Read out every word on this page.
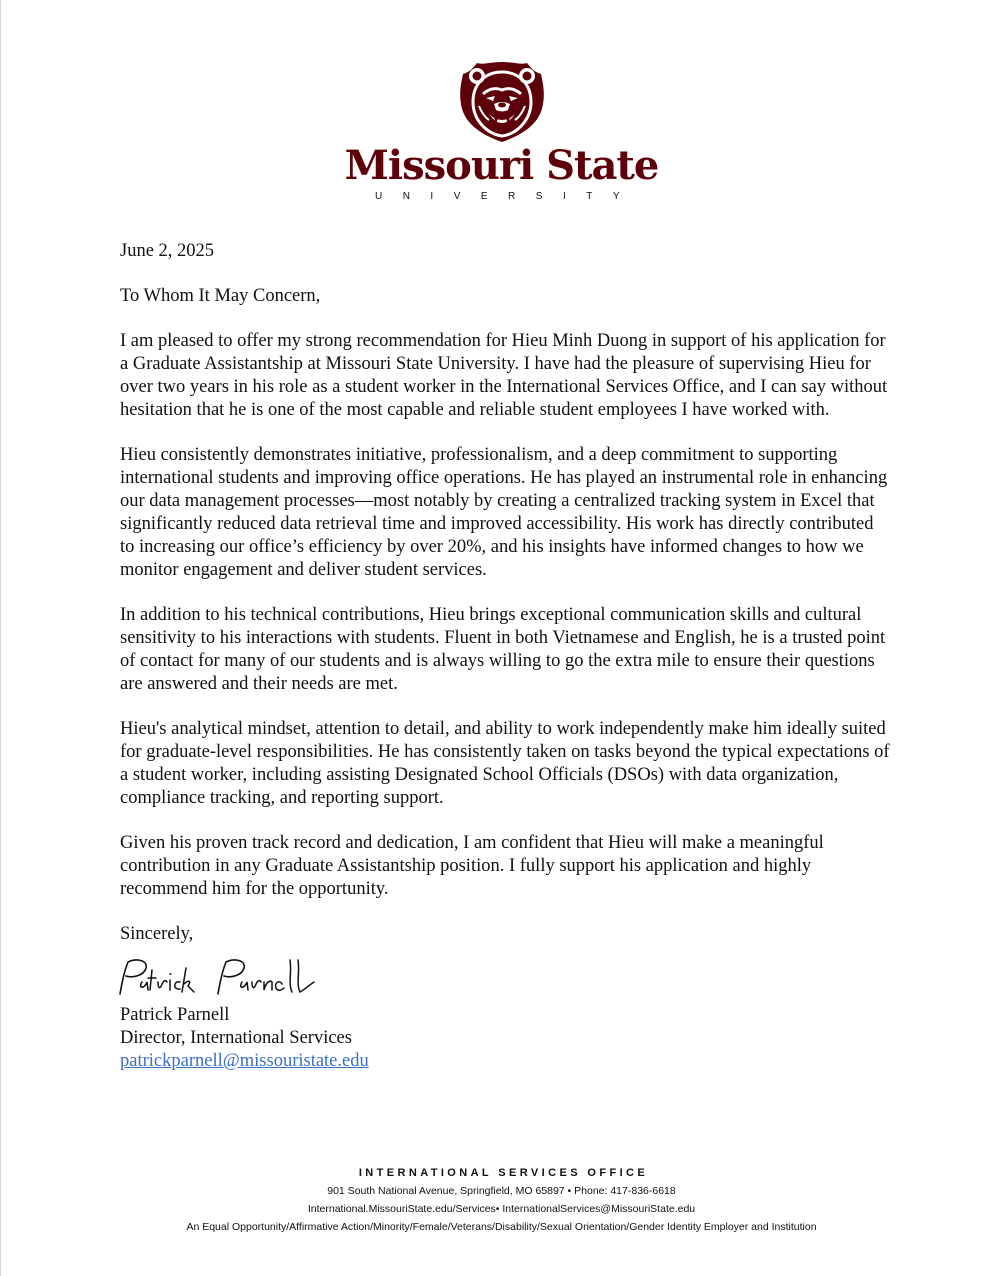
Missouri State
UNIVERSITY

June 2, 2025

To Whom It May Concern,

I am pleased to offer my strong recommendation for Hieu Minh Duong in support of his application for a Graduate Assistantship at Missouri State University. I have had the pleasure of supervising Hieu for over two years in his role as a student worker in the International Services Office, and I can say without hesitation that he is one of the most capable and reliable student employees I have worked with.

Hieu consistently demonstrates initiative, professionalism, and a deep commitment to supporting international students and improving office operations. He has played an instrumental role in enhancing our data management processes—most notably by creating a centralized tracking system in Excel that significantly reduced data retrieval time and improved accessibility. His work has directly contributed to increasing our office’s efficiency by over 20%, and his insights have informed changes to how we monitor engagement and deliver student services.

In addition to his technical contributions, Hieu brings exceptional communication skills and cultural sensitivity to his interactions with students. Fluent in both Vietnamese and English, he is a trusted point of contact for many of our students and is always willing to go the extra mile to ensure their questions are answered and their needs are met.

Hieu's analytical mindset, attention to detail, and ability to work independently make him ideally suited for graduate-level responsibilities. He has consistently taken on tasks beyond the typical expectations of a student worker, including assisting Designated School Officials (DSOs) with data organization, compliance tracking, and reporting support.

Given his proven track record and dedication, I am confident that Hieu will make a meaningful contribution in any Graduate Assistantship position. I fully support his application and highly recommend him for the opportunity.

Sincerely,

Patrick Parnell

Director, International Services

patrickparnell@missouristate.edu

INTERNATIONAL SERVICES OFFICE
901 South National Avenue, Springfield, MO 65897 • Phone: 417-836-6618
International.MissouriState.edu/Services• InternationalServices@MissouriState.edu
An Equal Opportunity/Affirmative Action/Minority/Female/Veterans/Disability/Sexual Orientation/Gender Identity Employer and Institution
